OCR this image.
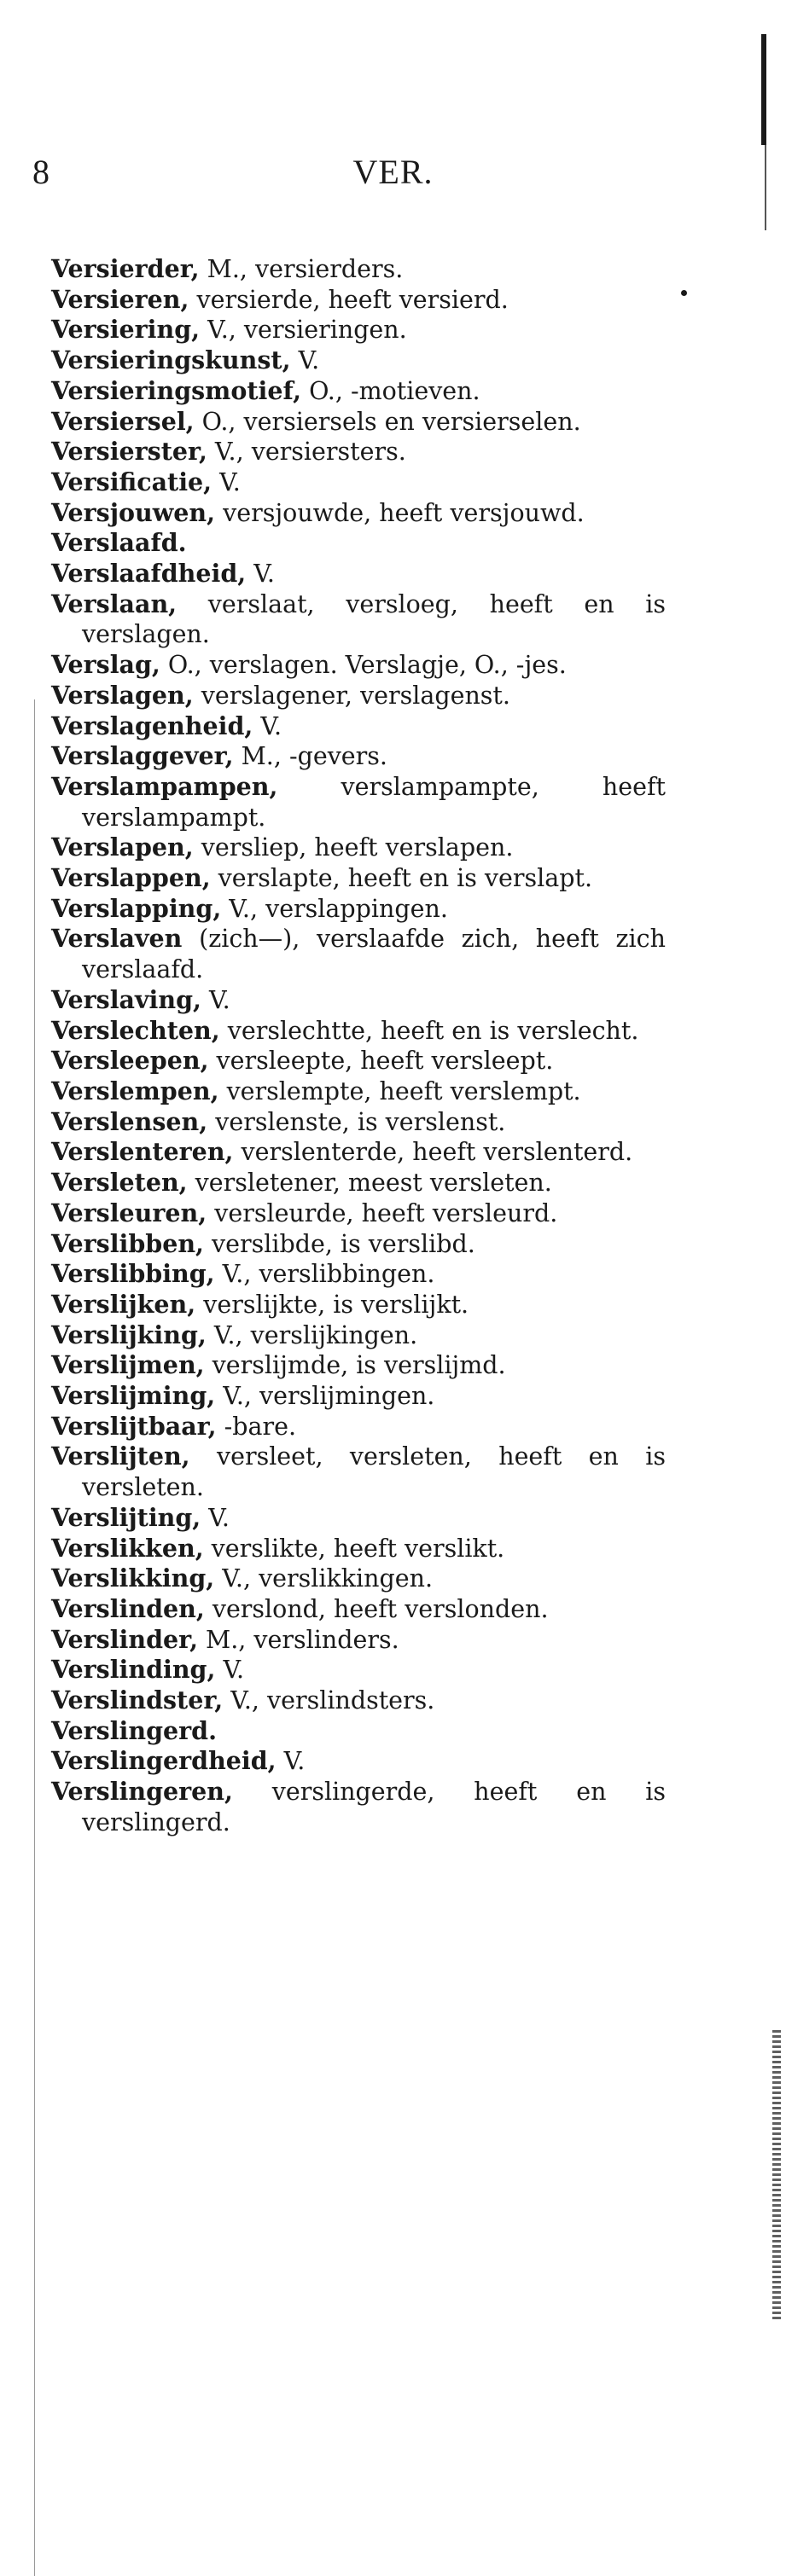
8	VER.
Versierder, M., versierders.
Versieren, versierde, heeft versierd.
Versiering, V., versieringen.
Versieringskunst, V.
Versieringsmotief, O., -motieven.
Versiersel, O., versiersels en versierselen.
Versierster, V., versiersters.
Versificatie, V.
Versjouwen, versjouwde, heeft versjouwd.
Verslaafd.
Verslaafdheid, V.
Verslaan, verslaat, versloeg, heeft en is verslagen.
Verslag, O., verslagen. Verslagje, O., -jes.
Verslagen, verslagener, verslagenst.
Verslagenheid, V.
Verslaggever, M., -gevers.
Verslampampen, verslampampte, heeft verslampampt.
Verslapen, versliep, heeft verslapen.
Verslappen, verslapte, heeft en is verslapt.
Verslapping, V., verslappingen.
Verslaven (zich—), verslaafde zich, heeft zich verslaafd.
Verslaving, V.
Verslechten, verslechtte, heeft en is verslecht.
Versleepen, versleepte, heeft versleept.
Verslempen, verslempte, heeft verslempt.
Verslensen, verslenste, is verslenst.
Verslenteren, verslenterde, heeft verslenterd.
Versleten, versletener, meest versleten.
Versleuren, versleurde, heeft versleurd.
Verslibben, verslibde, is verslibd.
Verslibbing, V., verslibbingen.
Verslijken, verslijkte, is verslijkt.
Verslijking, V., verslijkingen.
Verslijmen, verslijmde, is verslijmd.
Verslijming, V., verslijmingen.
Verslijtbaar, -bare.
Verslijten, versleet, versleten, heeft en is versleten.
Verslijting, V.
Verslikken, verslikte, heeft verslikt.
Verslikking, V., verslikkingen.
Verslinden, verslond, heeft verslonden.
Verslinder, M., verslinders.
Verslinding, V.
Verslindster, V., verslindsters.
Verslingerd.
Verslingerdheid, V.
Verslingeren, verslingerde, heeft en is verslingerd.
